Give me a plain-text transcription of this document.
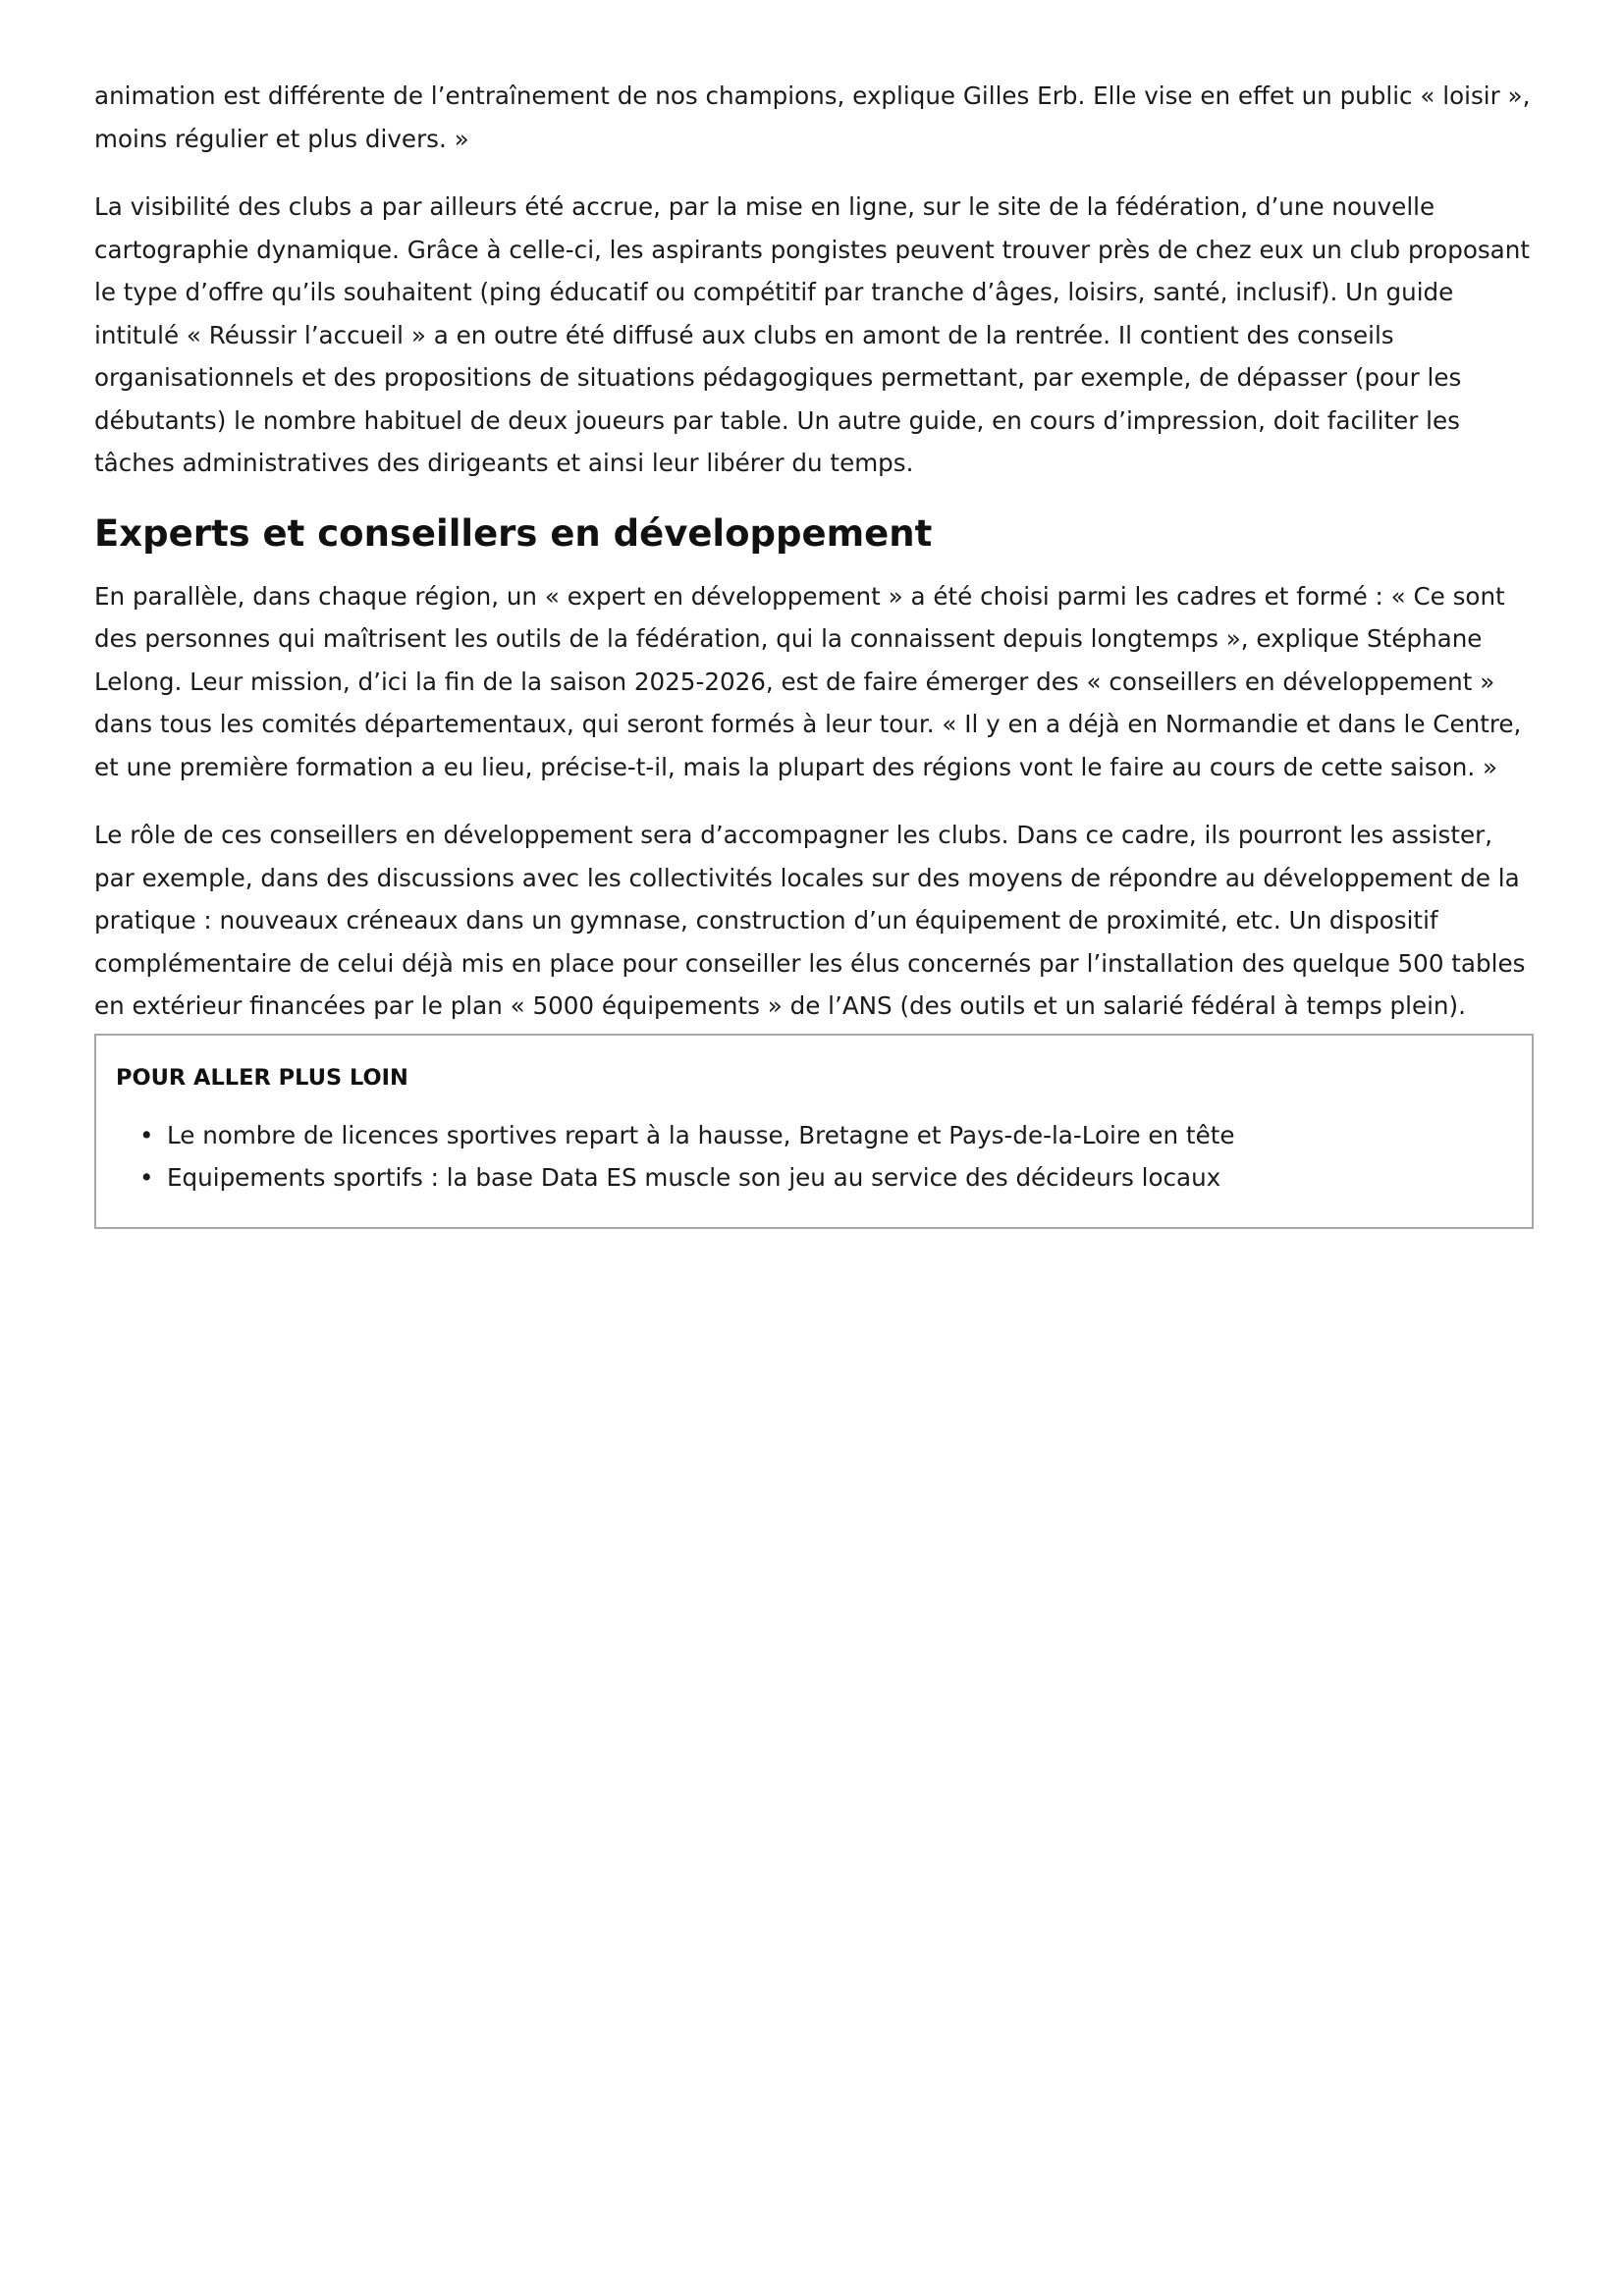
animation est différente de l’entraînement de nos champions, explique Gilles Erb. Elle vise en effet un public « loisir », moins régulier et plus divers. »

La visibilité des clubs a par ailleurs été accrue, par la mise en ligne, sur le site de la fédération, d’une nouvelle cartographie dynamique. Grâce à celle-ci, les aspirants pongistes peuvent trouver près de chez eux un club proposant le type d’offre qu’ils souhaitent (ping éducatif ou compétitif par tranche d’âges, loisirs, santé, inclusif). Un guide intitulé « Réussir l’accueil » a en outre été diffusé aux clubs en amont de la rentrée. Il contient des conseils organisationnels et des propositions de situations pédagogiques permettant, par exemple, de dépasser (pour les débutants) le nombre habituel de deux joueurs par table. Un autre guide, en cours d’impression, doit faciliter les tâches administratives des dirigeants et ainsi leur libérer du temps.

Experts et conseillers en développement

En parallèle, dans chaque région, un « expert en développement » a été choisi parmi les cadres et formé : « Ce sont des personnes qui maîtrisent les outils de la fédération, qui la connaissent depuis longtemps », explique Stéphane Lelong. Leur mission, d’ici la fin de la saison 2025-2026, est de faire émerger des « conseillers en développement » dans tous les comités départementaux, qui seront formés à leur tour. « Il y en a déjà en Normandie et dans le Centre, et une première formation a eu lieu, précise-t-il, mais la plupart des régions vont le faire au cours de cette saison. »

Le rôle de ces conseillers en développement sera d’accompagner les clubs. Dans ce cadre, ils pourront les assister, par exemple, dans des discussions avec les collectivités locales sur des moyens de répondre au développement de la pratique : nouveaux créneaux dans un gymnase, construction d’un équipement de proximité, etc. Un dispositif complémentaire de celui déjà mis en place pour conseiller les élus concernés par l’installation des quelque 500 tables en extérieur financées par le plan « 5000 équipements » de l’ANS (des outils et un salarié fédéral à temps plein).

POUR ALLER PLUS LOIN
• Le nombre de licences sportives repart à la hausse, Bretagne et Pays-de-la-Loire en tête
• Equipements sportifs : la base Data ES muscle son jeu au service des décideurs locaux
